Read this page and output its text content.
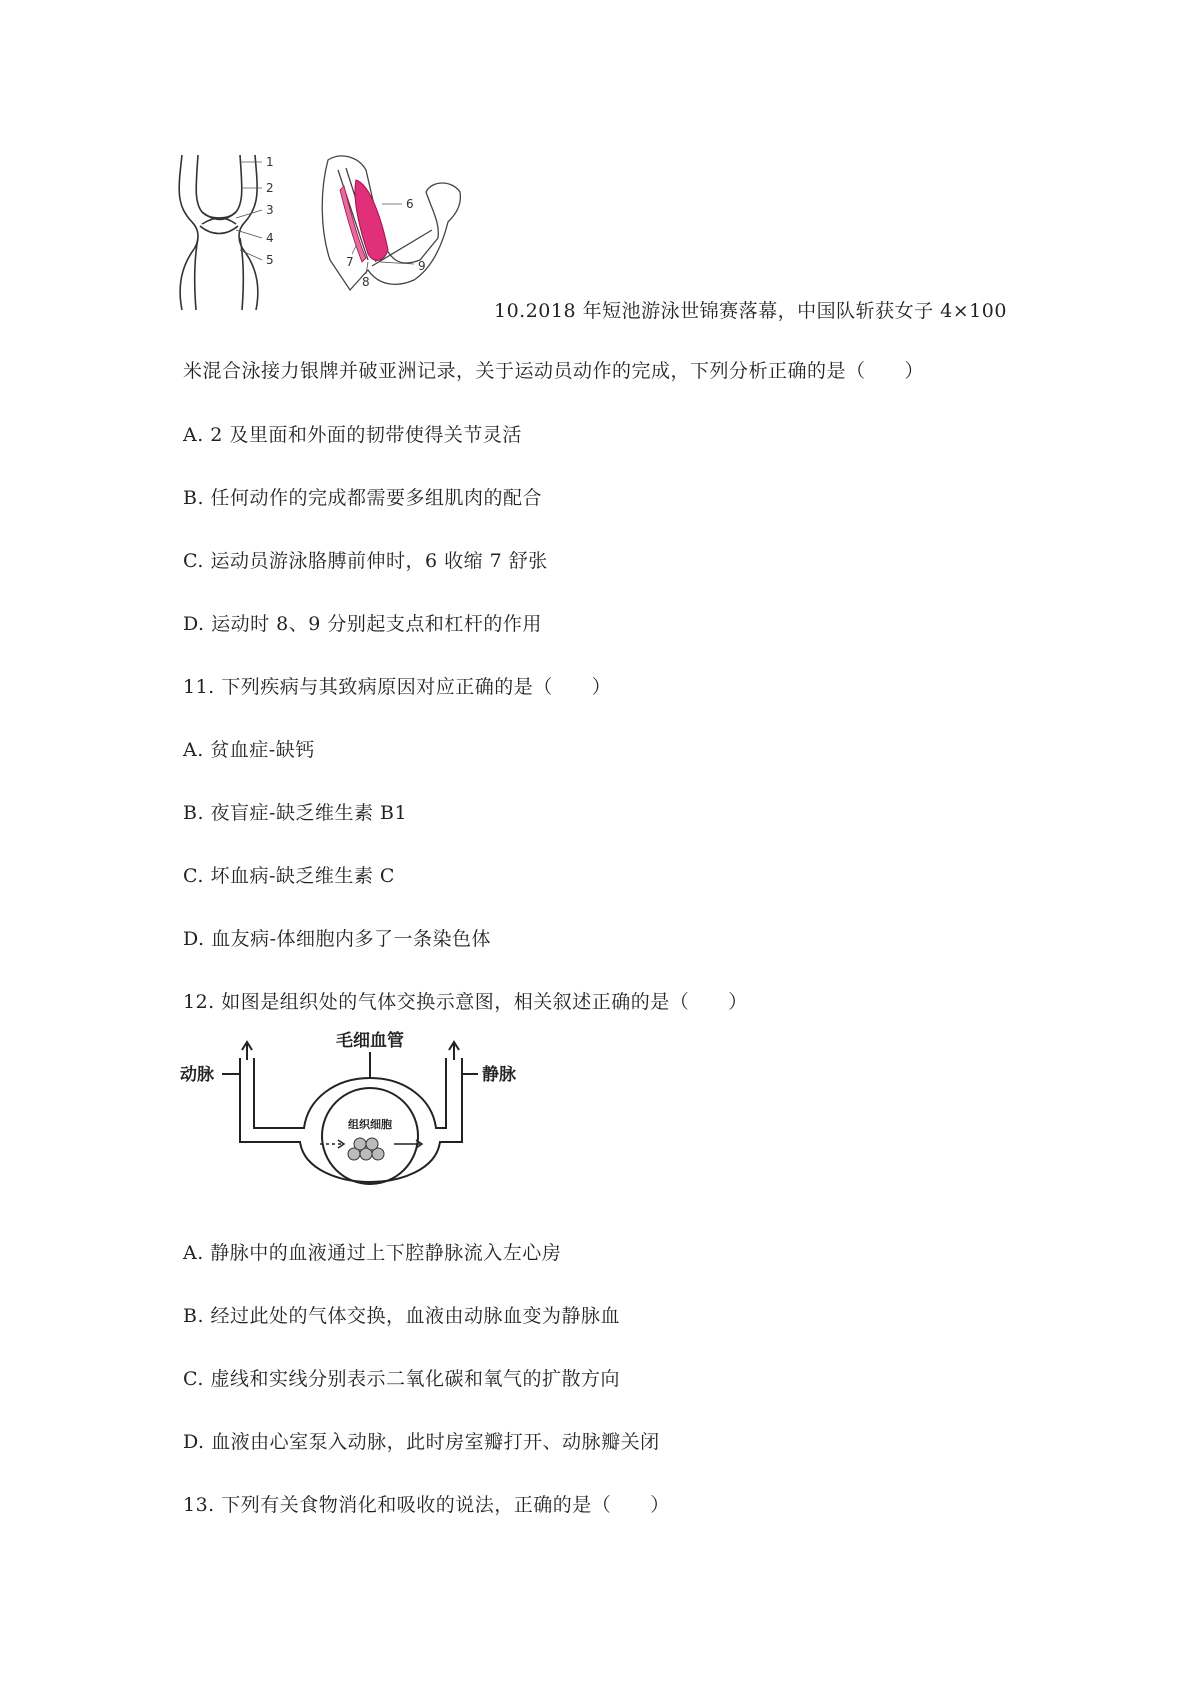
1
2
3
4
5
6
7
8
9
10.2018 年短池游泳世锦赛落幕，中国队斩获女子 4×100
米混合泳接力银牌并破亚洲记录，关于运动员动作的完成，下列分析正确的是（　　）
A. 2 及里面和外面的韧带使得关节灵活
B. 任何动作的完成都需要多组肌肉的配合
C. 运动员游泳胳膊前伸时，6 收缩 7 舒张
D. 运动时 8、9 分别起支点和杠杆的作用
11. 下列疾病与其致病原因对应正确的是（　　）
A. 贫血症-缺钙
B. 夜盲症-缺乏维生素 B1
C. 坏血病-缺乏维生素 C
D. 血友病-体细胞内多了一条染色体
12. 如图是组织处的气体交换示意图，相关叙述正确的是（　　）
毛细血管
动脉	静脉
组织细胞
A. 静脉中的血液通过上下腔静脉流入左心房
B. 经过此处的气体交换，血液由动脉血变为静脉血
C. 虚线和实线分别表示二氧化碳和氧气的扩散方向
D. 血液由心室泵入动脉，此时房室瓣打开、动脉瓣关闭
13. 下列有关食物消化和吸收的说法，正确的是（　　）
